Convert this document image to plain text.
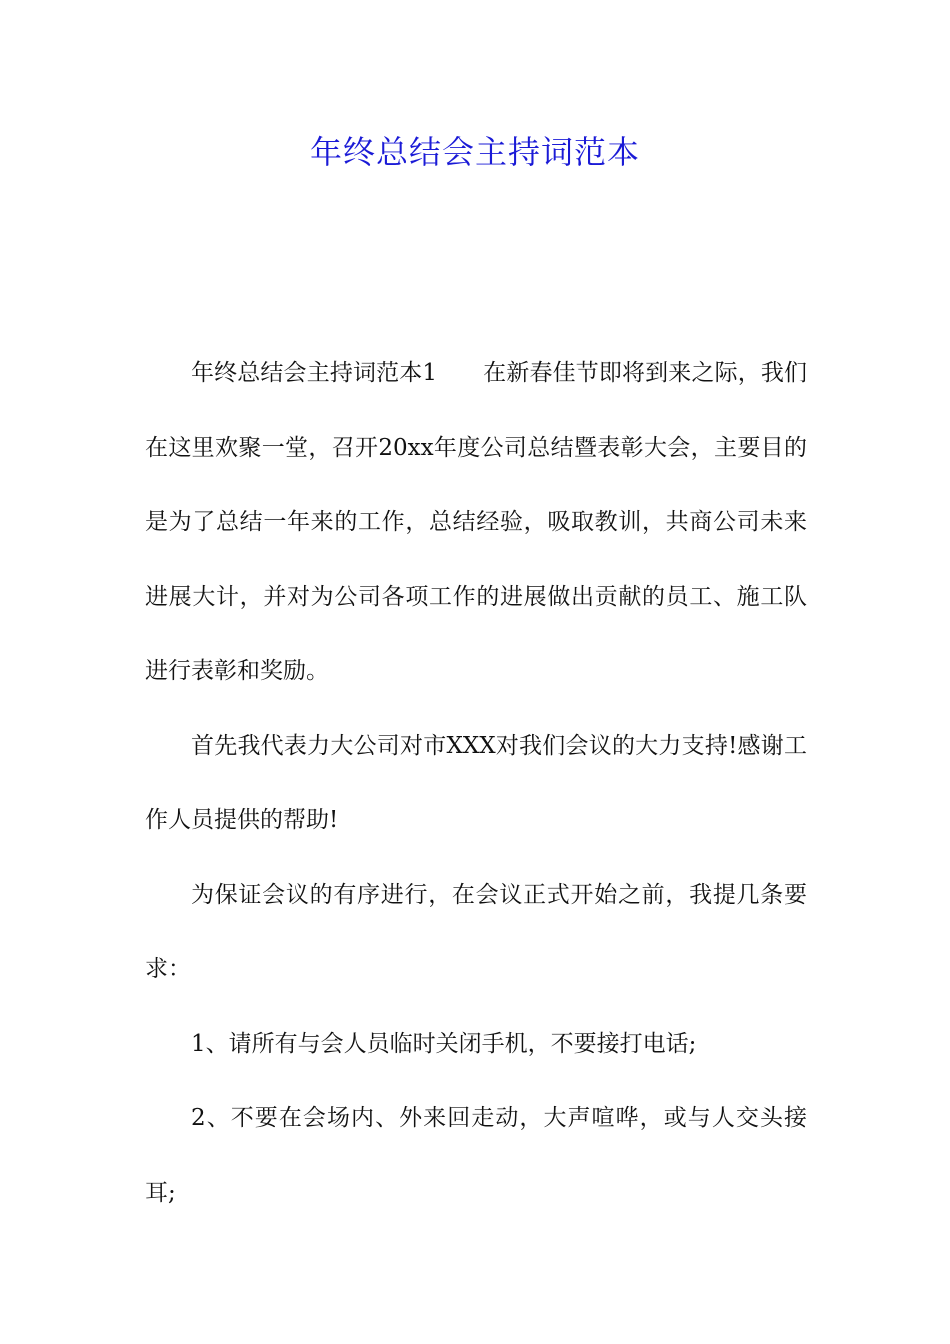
年终总结会主持词范本

年终总结会主持词范本1 在新春佳节即将到来之际，我们在这里欢聚一堂，召开20xx年度公司总结暨表彰大会，主要目的是为了总结一年来的工作，总结经验，吸取教训，共商公司未来进展大计，并对为公司各项工作的进展做出贡献的员工、施工队进行表彰和奖励。

首先我代表力大公司对市XXX对我们会议的大力支持!感谢工作人员提供的帮助!

为保证会议的有序进行，在会议正式开始之前，我提几条要求：

1、请所有与会人员临时关闭手机，不要接打电话;

2、不要在会场内、外来回走动，大声喧哗，或与人交头接耳;
